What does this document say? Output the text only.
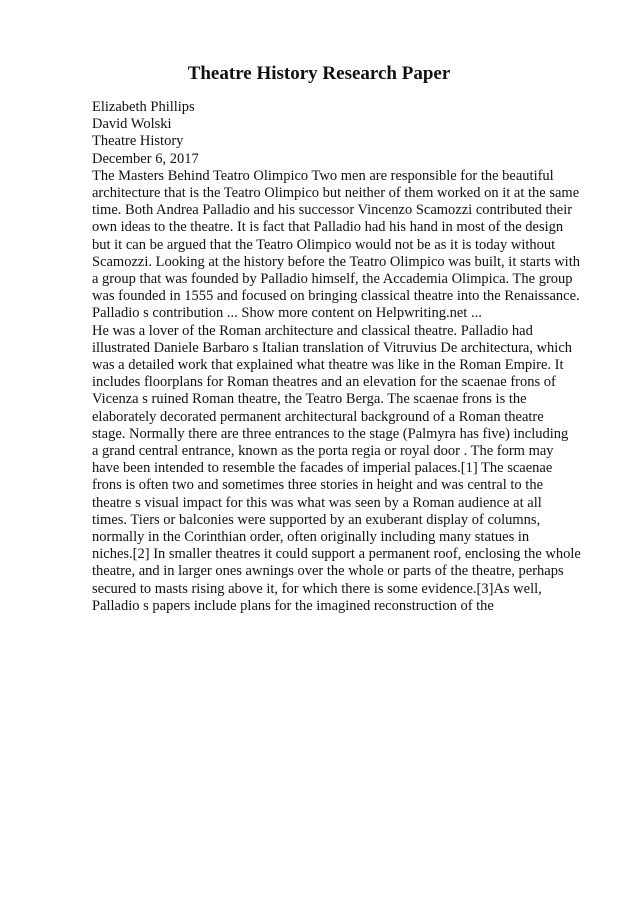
Theatre History Research Paper
Elizabeth Phillips
David Wolski
Theatre History
December 6, 2017
The Masters Behind Teatro Olimpico Two men are responsible for the beautiful
architecture that is the Teatro Olimpico but neither of them worked on it at the same
time. Both Andrea Palladio and his successor Vincenzo Scamozzi contributed their
own ideas to the theatre. It is fact that Palladio had his hand in most of the design
but it can be argued that the Teatro Olimpico would not be as it is today without
Scamozzi. Looking at the history before the Teatro Olimpico was built, it starts with
a group that was founded by Palladio himself, the Accademia Olimpica. The group
was founded in 1555 and focused on bringing classical theatre into the Renaissance.
Palladio s contribution ... Show more content on Helpwriting.net ...
He was a lover of the Roman architecture and classical theatre. Palladio had
illustrated Daniele Barbaro s Italian translation of Vitruvius De architectura, which
was a detailed work that explained what theatre was like in the Roman Empire. It
includes floorplans for Roman theatres and an elevation for the scaenae frons of
Vicenza s ruined Roman theatre, the Teatro Berga. The scaenae frons is the
elaborately decorated permanent architectural background of a Roman theatre
stage. Normally there are three entrances to the stage (Palmyra has five) including
a grand central entrance, known as the porta regia or royal door . The form may
have been intended to resemble the facades of imperial palaces.[1] The scaenae
frons is often two and sometimes three stories in height and was central to the
theatre s visual impact for this was what was seen by a Roman audience at all
times. Tiers or balconies were supported by an exuberant display of columns,
normally in the Corinthian order, often originally including many statues in
niches.[2] In smaller theatres it could support a permanent roof, enclosing the whole
theatre, and in larger ones awnings over the whole or parts of the theatre, perhaps
secured to masts rising above it, for which there is some evidence.[3]As well,
Palladio s papers include plans for the imagined reconstruction of the
